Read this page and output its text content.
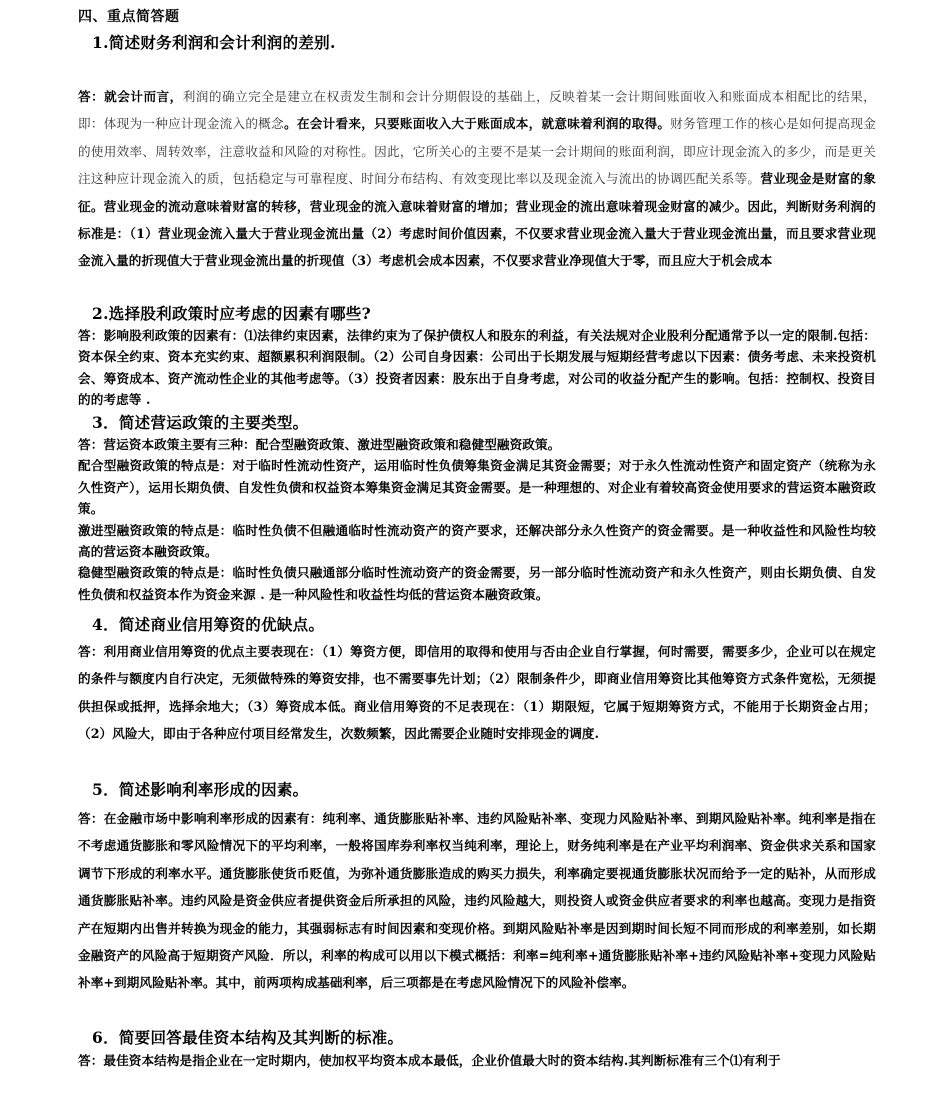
四、重点简答题
1.简述财务利润和会计利润的差别.
答：就会计而言，利润的确立完全是建立在权责发生制和会计分期假设的基础上，反映着某一会计期间账面收入和账面成本相配比的结果，即：体现为一种应计现金流入的概念。在会计看来，只要账面收入大于账面成本，就意味着利润的取得。财务管理工作的核心是如何提高现金的使用效率、周转效率，注意收益和风险的对称性。因此，它所关心的主要不是某一会计期间的账面利润，即应计现金流入的多少，而是更关注这种应计现金流入的质，包括稳定与可靠程度、时间分布结构、有效变现比率以及现金流入与流出的协调匹配关系等。营业现金是财富的象征。营业现金的流动意味着财富的转移，营业现金的流入意味着财富的增加；营业现金的流出意味着现金财富的减少。因此，判断财务利润的标准是：（1）营业现金流入量大于营业现金流出量（2）考虑时间价值因素，不仅要求营业现金流入量大于营业现金流出量，而且要求营业现金流入量的折现值大于营业现金流出量的折现值（3）考虑机会成本因素，不仅要求营业净现值大于零，而且应大于机会成本
2.选择股利政策时应考虑的因素有哪些?
答：影响股利政策的因素有：⑴法律约束因素，法律约束为了保护债权人和股东的利益，有关法规对企业股利分配通常予以一定的限制.包括：资本保全约束、资本充实约束、超额累积利润限制。（2）公司自身因素：公司出于长期发展与短期经营考虑以下因素：债务考虑、未来投资机会、筹资成本、资产流动性企业的其他考虑等。（3）投资者因素：股东出于自身考虑，对公司的收益分配产生的影响。包括：控制权、投资目的的考虑等 .
3．简述营运政策的主要类型。
答：营运资本政策主要有三种：配合型融资政策、激进型融资政策和稳健型融资政策。
配合型融资政策的特点是：对于临时性流动性资产，运用临时性负债筹集资金满足其资金需要；对于永久性流动性资产和固定资产（统称为永久性资产），运用长期负债、自发性负债和权益资本筹集资金满足其资金需要。是一种理想的、对企业有着较高资金使用要求的营运资本融资政策。
激进型融资政策的特点是：临时性负债不但融通临时性流动资产的资产要求，还解决部分永久性资产的资金需要。是一种收益性和风险性均较高的营运资本融资政策。
稳健型融资政策的特点是：临时性负债只融通部分临时性流动资产的资金需要，另一部分临时性流动资产和永久性资产，则由长期负债、自发性负债和权益资本作为资金来源 . 是一种风险性和收益性均低的营运资本融资政策。
4．简述商业信用筹资的优缺点。
答：利用商业信用筹资的优点主要表现在：（1）筹资方便，即信用的取得和使用与否由企业自行掌握，何时需要，需要多少，企业可以在规定的条件与额度内自行决定，无须做特殊的筹资安排，也不需要事先计划；（2）限制条件少，即商业信用筹资比其他筹资方式条件宽松，无须提供担保或抵押，选择余地大；（3）筹资成本低。商业信用筹资的不足表现在：（1）期限短，它属于短期筹资方式，不能用于长期资金占用；（2）风险大，即由于各种应付项目经常发生，次数频繁，因此需要企业随时安排现金的调度.
5．简述影响利率形成的因素。
答：在金融市场中影响利率形成的因素有：纯利率、通货膨胀贴补率、违约风险贴补率、变现力风险贴补率、到期风险贴补率。纯利率是指在不考虑通货膨胀和零风险情况下的平均利率，一般将国库券利率权当纯利率，理论上，财务纯利率是在产业平均利润率、资金供求关系和国家调节下形成的利率水平。通货膨胀使货币贬值，为弥补通货膨胀造成的购买力损失，利率确定要视通货膨胀状况而给予一定的贴补，从而形成通货膨胀贴补率。违约风险是资金供应者提供资金后所承担的风险，违约风险越大，则投资人或资金供应者要求的利率也越高。变现力是指资产在短期内出售并转换为现金的能力，其强弱标志有时间因素和变现价格。到期风险贴补率是因到期时间长短不同而形成的利率差别，如长期金融资产的风险高于短期资产风险．所以，利率的构成可以用以下模式概括：利率=纯利率+通货膨胀贴补率+违约风险贴补率+变现力风险贴补率+到期风险贴补率。其中，前两项构成基础利率，后三项都是在考虑风险情况下的风险补偿率。
6．简要回答最佳资本结构及其判断的标准。
答：最佳资本结构是指企业在一定时期内，使加权平均资本成本最低，企业价值最大时的资本结构.其判断标准有三个⑴有利于
